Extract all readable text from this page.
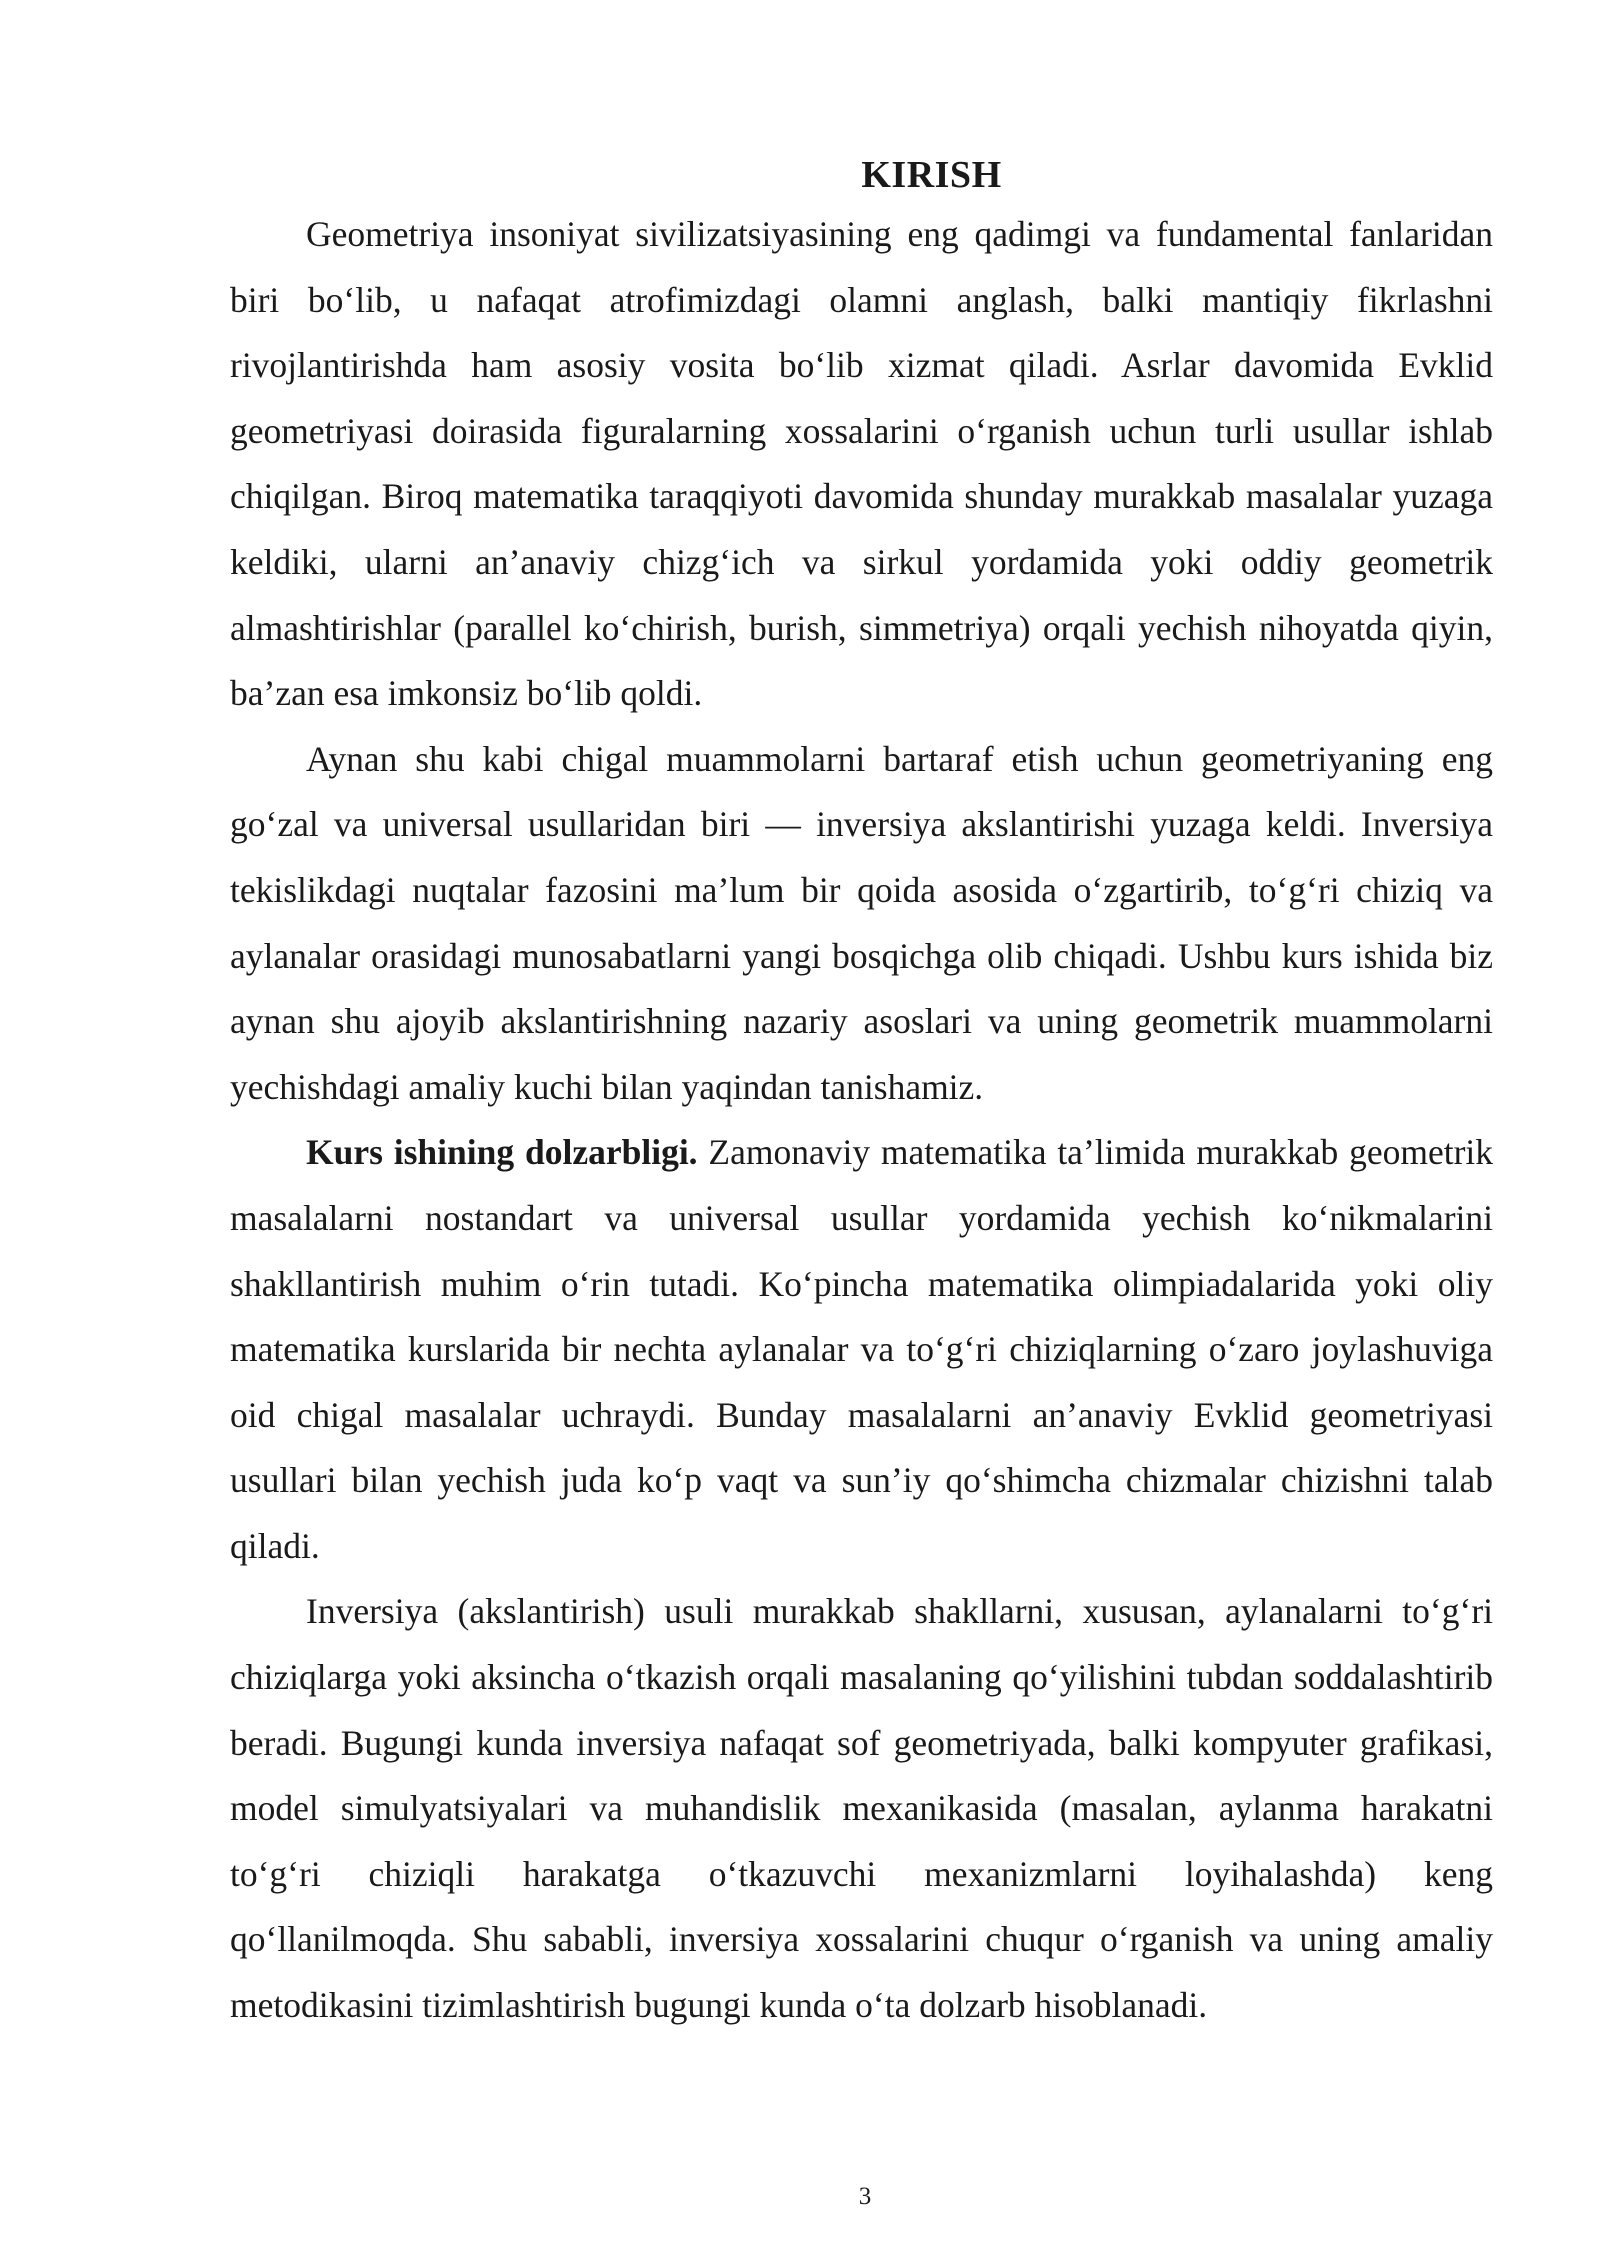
KIRISH

Geometriya insoniyat sivilizatsiyasining eng qadimgi va fundamental fanlaridan biri bo‘lib, u nafaqat atrofimizdagi olamni anglash, balki mantiqiy fikrlashni rivojlantirishda ham asosiy vosita bo‘lib xizmat qiladi. Asrlar davomida Evklid geometriyasi doirasida figuralarning xossalarini o‘rganish uchun turli usullar ishlab chiqilgan. Biroq matematika taraqqiyoti davomida shunday murakkab masalalar yuzaga keldiki, ularni an’anaviy chizg‘ich va sirkul yordamida yoki oddiy geometrik almashtirishlar (parallel ko‘chirish, burish, simmetriya) orqali yechish nihoyatda qiyin, ba’zan esa imkonsiz bo‘lib qoldi.

Aynan shu kabi chigal muammolarni bartaraf etish uchun geometriyaning eng go‘zal va universal usullaridan biri — inversiya akslantirishi yuzaga keldi. Inversiya tekislikdagi nuqtalar fazosini ma’lum bir qoida asosida o‘zgartirib, to‘g‘ri chiziq va aylanalar orasidagi munosabatlarni yangi bosqichga olib chiqadi. Ushbu kurs ishida biz aynan shu ajoyib akslantirishning nazariy asoslari va uning geometrik muammolarni yechishdagi amaliy kuchi bilan yaqindan tanishamiz.

Kurs ishining dolzarbligi. Zamonaviy matematika ta’limida murakkab geometrik masalalarni nostandart va universal usullar yordamida yechish ko‘nikmalarini shakllantirish muhim o‘rin tutadi. Ko‘pincha matematika olimpiadalarida yoki oliy matematika kurslarida bir nechta aylanalar va to‘g‘ri chiziqlarning o‘zaro joylashuviga oid chigal masalalar uchraydi. Bunday masalalarni an’anaviy Evklid geometriyasi usullari bilan yechish juda ko‘p vaqt va sun’iy qo‘shimcha chizmalar chizishni talab qiladi.

Inversiya (akslantirish) usuli murakkab shakllarni, xususan, aylanalarni to‘g‘ri chiziqlarga yoki aksincha o‘tkazish orqali masalaning qo‘yilishini tubdan soddalashtirib beradi. Bugungi kunda inversiya nafaqat sof geometriyada, balki kompyuter grafikasi, model simulyatsiyalari va muhandislik mexanikasida (masalan, aylanma harakatni to‘g‘ri chiziqli harakatga o‘tkazuvchi mexanizmlarni loyihalashda) keng qo‘llanilmoqda. Shu sababli, inversiya xossalarini chuqur o‘rganish va uning amaliy metodikasini tizimlashtirish bugungi kunda o‘ta dolzarb hisoblanadi.

3
